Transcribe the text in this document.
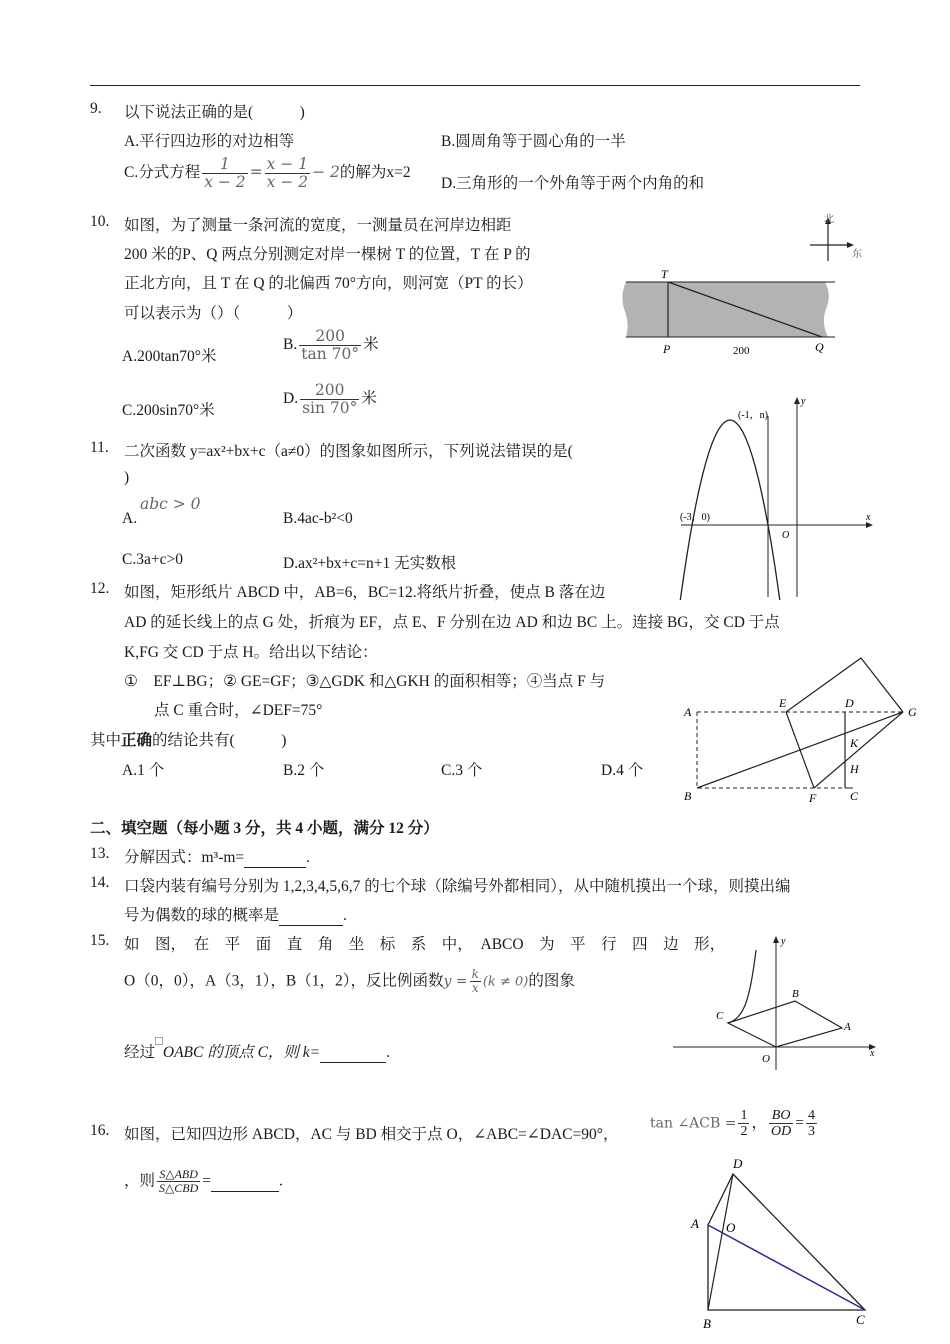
9. 以下说法正确的是(　　　)
A.平行四边形的对边相等	B.圆周角等于圆心角的一半
C.分式方程 $\frac{1}{x - 2} = \frac{x - 1}{x - 2} - 2$的解为x=2
D.三角形的一个外角等于两个内角的和
10. 如图，为了测量一条河流的宽度，一测量员在河岸边相距
200 米的P、Q 两点分别测定对岸一棵树 T 的位置，T 在 P 的
正北方向，且 T 在 Q 的北偏西 70°方向，则河宽（PT 的长）
可以表示为（）（　　　）
A.200tan70°米
B. $\frac{200}{\tan 70^\circ}$ 米
C.200sin70°米
D. $\frac{200}{\sin 70^\circ}$ 米
北
东
T
P	Q
200
11. 二次函数 y=ax²+bx+c（a≠0）的图象如图所示，下列说法错误的是(
)
A.
abc > 0
B.4ac-b²<0
C.3a+c>0	D.ax²+bx+c=n+1 无实数根
(-1，n)
(-3，0)	x
y
O
12. 如图，矩形纸片 ABCD 中，AB=6，BC=12.将纸片折叠，使点 B 落在边
AD 的延长线上的点 G 处，折痕为 EF，点 E、F 分别在边 AD 和边 BC 上。连接 BG，交 CD 于点
K,FG 交 CD 于点 H。给出以下结论：
①　EF⊥BG；② GE=GF；③△GDK 和△GKH 的面积相等；④当点 F 与
点 C 重合时，∠DEF=75°
其中正确的结论共有(　　　)
A.1 个	B.2 个	C.3 个	D.4 个
A
B	C
D
E
F
G
H
K
二、填空题（每小题 3 分，共 4 小题，满分 12 分）
13. 分解因式：m³-m=	.
14. 口袋内装有编号分别为 1,2,3,4,5,6,7 的七个球（除编号外都相同），从中随机摸出一个球，则摸出编
号为偶数的球的概率是	.
15. 如　图，　在　平　面　直　角　坐　标　系　中，　ABCO　为　平　行　四　边　形，
O（0，0），A（3，1），B（1，2），反比例函数$y = \frac{k}{x} (k \ne 0)$的图象
经过□OABC 的顶点 C，则 k=	.
C
B
A
O	x
y
16. 如图，已知四边形 ABCD，AC 与 BD 相交于点 O，∠ABC=∠DAC=90°，
tan ∠ACB = $\frac{1}{2}$ ， $\frac{BO}{OD} = \frac{4}{3}$
，则 $\frac{\text{S△ABD}}{\text{S△CBD}}$ =	.
D
A O
B	C
